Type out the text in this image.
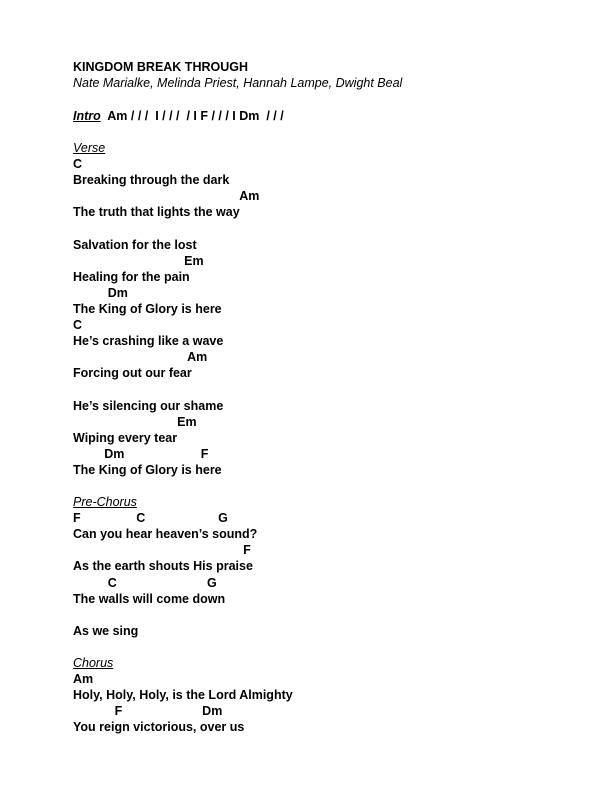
KINGDOM BREAK THROUGH
Nate Marialke, Melinda Priest, Hannah Lampe, Dwight Beal
Intro  Am / / /  I / / /  / I F / / / I Dm  / / /
Verse
C
Breaking through the dark
Am
The truth that lights the way
Salvation for the lost
Em
Healing for the pain
Dm
The King of Glory is here
C
He’s crashing like a wave
Am
Forcing out our fear
He’s silencing our shame
Em
Wiping every tear
Dm                      F
The King of Glory is here
Pre-Chorus
F                C                     G
Can you hear heaven’s sound?
F
As the earth shouts His praise
C                          G
The walls will come down
As we sing
Chorus
Am
Holy, Holy, Holy, is the Lord Almighty
F                       Dm
You reign victorious, over us
